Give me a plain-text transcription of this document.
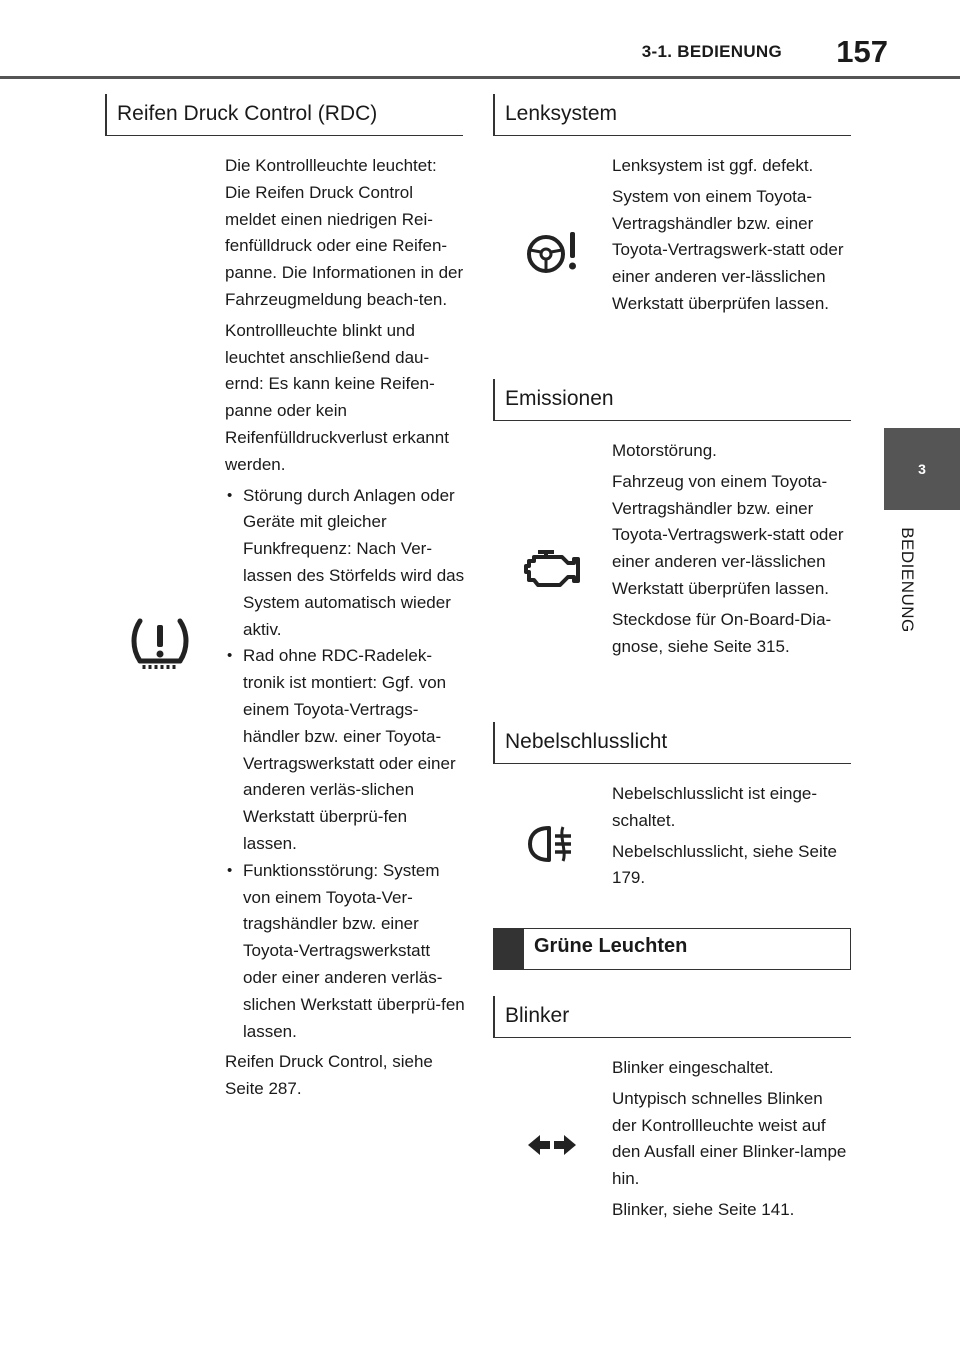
3-1. BEDIENUNG 157
3
BEDIENUNG
Reifen Druck Control (RDC)

Die Kontrollleuchte leuchtet: Die Reifen Druck Control meldet einen niedrigen Rei-fenfülldruck oder eine Reifen-panne. Die Informationen in der Fahrzeugmeldung beach-ten.

Kontrollleuchte blinkt und leuchtet anschließend dau-ernd: Es kann keine Reifen-panne oder kein Reifenfülldruckverlust erkannt werden.

• Störung durch Anlagen oder Geräte mit gleicher Funkfrequenz: Nach Ver-lassen des Störfelds wird das System automatisch wieder aktiv.
• Rad ohne RDC-Radelek-tronik ist montiert: Ggf. von einem Toyota-Vertrags-händler bzw. einer Toyota-Vertragswerkstatt oder einer anderen verläs-slichen Werkstatt überprü-fen lassen.
• Funktionsstörung: System von einem Toyota-Ver-tragshändler bzw. einer Toyota-Vertragswerkstatt oder einer anderen verläs-slichen Werkstatt überprü-fen lassen.

Reifen Druck Control, siehe Seite 287.

Lenksystem

Lenksystem ist ggf. defekt.

System von einem Toyota-Vertragshändler bzw. einer Toyota-Vertragswerk-statt oder einer anderen ver-lässlichen Werkstatt überprüfen lassen.

Emissionen

Motorstörung.

Fahrzeug von einem Toyota-Vertragshändler bzw. einer Toyota-Vertragswerk-statt oder einer anderen ver-lässlichen Werkstatt überprüfen lassen.

Steckdose für On-Board-Dia-gnose, siehe Seite 315.

Nebelschlusslicht

Nebelschlusslicht ist einge-schaltet.

Nebelschlusslicht, siehe Seite 179.

Grüne Leuchten
Blinker

Blinker eingeschaltet.

Untypisch schnelles Blinken der Kontrollleuchte weist auf den Ausfall einer Blinker-lampe hin.

Blinker, siehe Seite 141.
